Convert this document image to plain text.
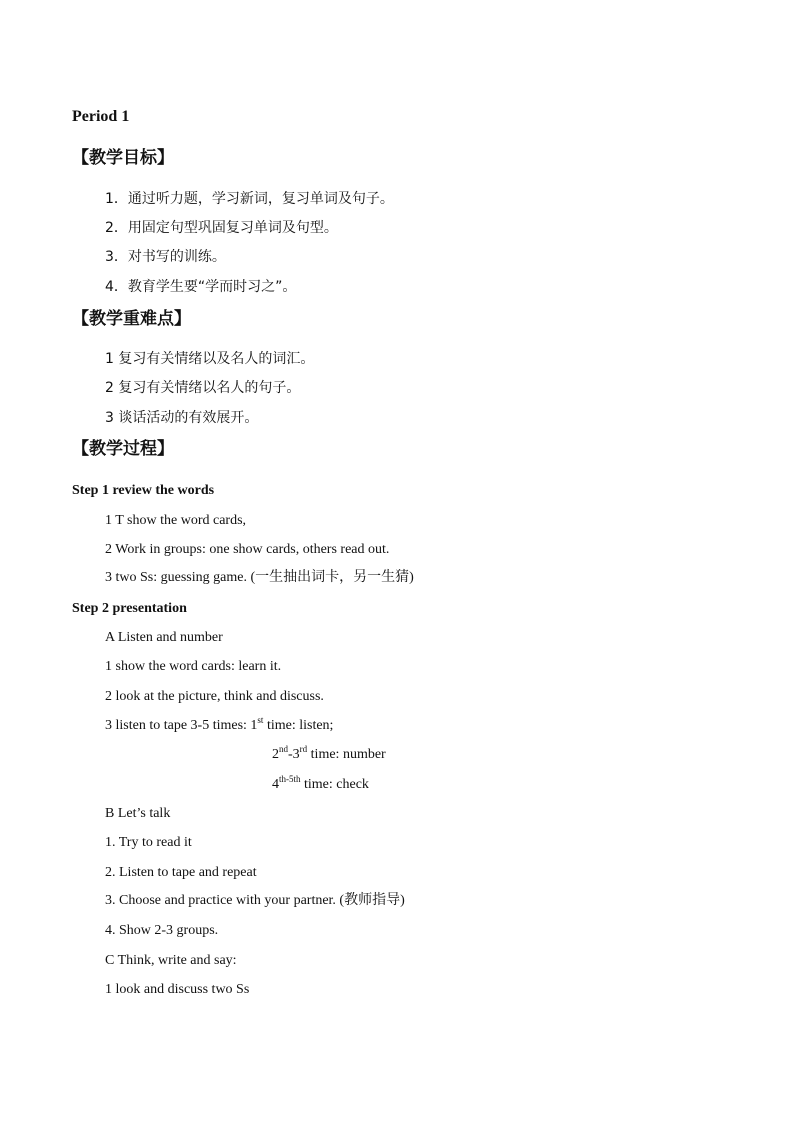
Period 1
【教学目标】
1．通过听力题，学习新词，复习单词及句子。
2．用固定句型巩固复习单词及句型。
3．对书写的训练。
4．教育学生要“学而时习之”。
【教学重难点】
1 复习有关情绪以及名人的词汇。
2 复习有关情绪以名人的句子。
3 谈话活动的有效展开。
【教学过程】
Step 1 review the words
1 T show the word cards,
2 Work in groups: one show cards, others read out.
3 two Ss: guessing game. (一生抽出词卡，另一生猜)
Step 2 presentation
A Listen and number
1 show the word cards: learn it.
2 look at the picture, think and discuss.
3 listen to tape 3-5 times: 1st time: listen;
2nd-3rd time: number
$4^{th-5th}$ time: check
B Let’s talk
1. Try to read it
2. Listen to tape and repeat
3. Choose and practice with your partner. (教师指导)
4. Show 2-3 groups.
C Think, write and say:
1 look and discuss two Ss
